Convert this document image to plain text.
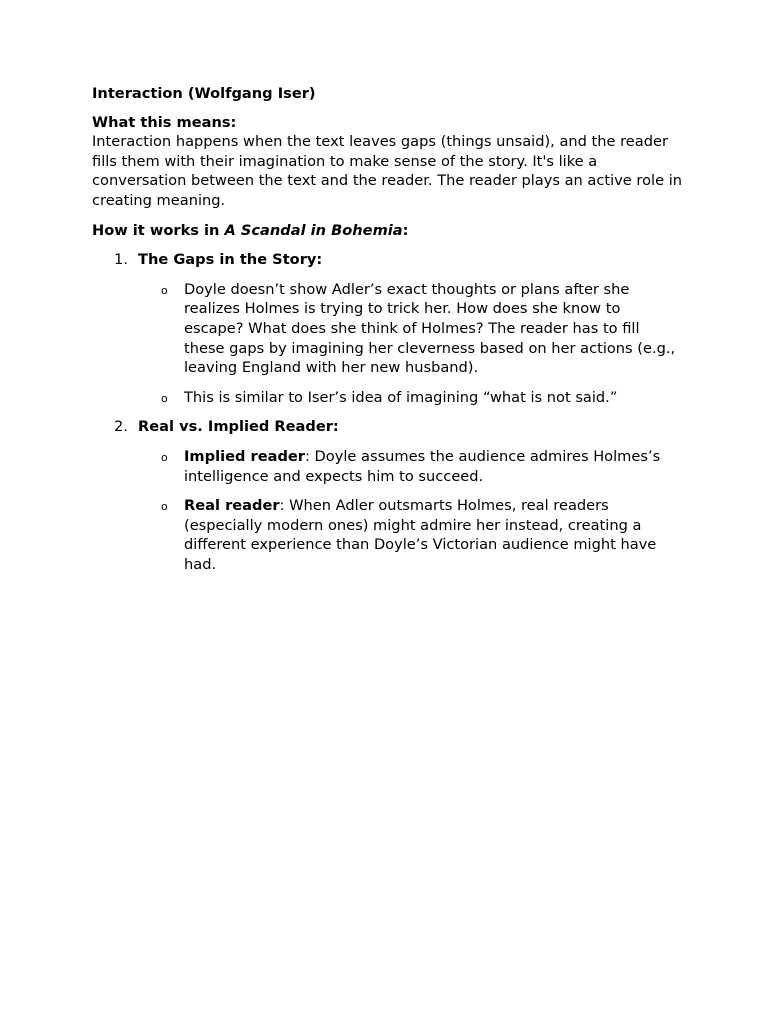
Interaction (Wolfgang Iser)

What this means:

Interaction happens when the text leaves gaps (things unsaid), and the reader fills them with their imagination to make sense of the story. It's like a conversation between the text and the reader. The reader plays an active role in creating meaning.

How it works in A Scandal in Bohemia:

1. The Gaps in the Story:
o Doyle doesn’t show Adler’s exact thoughts or plans after she realizes Holmes is trying to trick her. How does she know to escape? What does she think of Holmes? The reader has to fill these gaps by imagining her cleverness based on her actions (e.g., leaving England with her new husband).
o This is similar to Iser’s idea of imagining “what is not said.”
2. Real vs. Implied Reader:
o Implied reader: Doyle assumes the audience admires Holmes’s intelligence and expects him to succeed.
o Real reader: When Adler outsmarts Holmes, real readers (especially modern ones) might admire her instead, creating a different experience than Doyle’s Victorian audience might have had.
